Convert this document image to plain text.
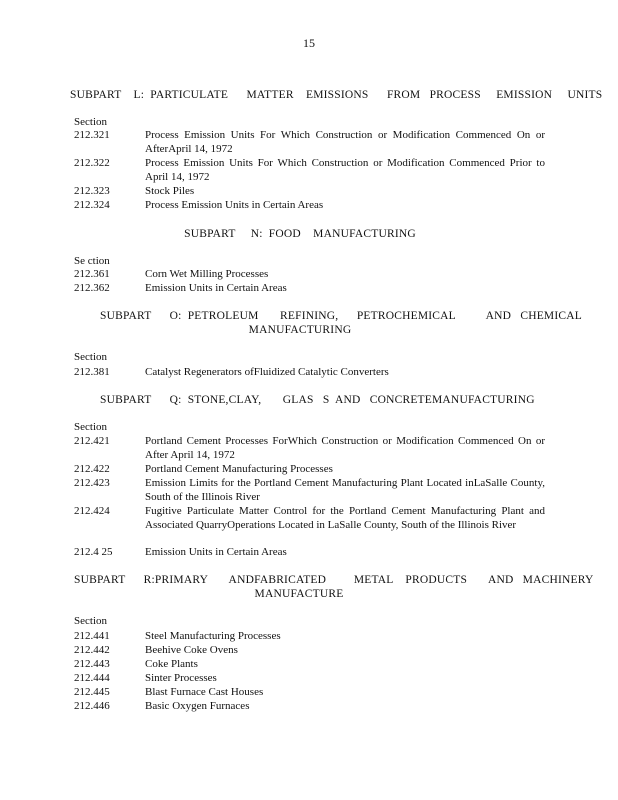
15
SUBPART    L:  PARTICULATE      MATTER    EMISSIONS      FROM   PROCESS     EMISSION     UNITS
Section
212.321	Process Emission Units For Which Construction or Modification Commenced On or AfterApril 14, 1972
212.322	Process Emission Units For Which Construction or Modification Commenced Prior to April 14, 1972
212.323	Stock Piles
212.324	Process Emission Units in Certain Areas
SUBPART     N:  FOOD    MANUFACTURING
Se ction
212.361	Corn Wet Milling Processes
212.362	Emission Units in Certain Areas
SUBPART      O:  PETROLEUM       REFINING,      PETROCHEMICAL          AND   CHEMICAL
MANUFACTURING
Section
212.381	Catalyst Regenerators ofFluidized Catalytic Converters
SUBPART      Q:  STONE,CLAY,       GLAS   S  AND   CONCRETEMANUFACTURING
Section
212.421	Portland Cement Processes ForWhich Construction or Modification Commenced On or After April 14, 1972
212.422	Portland Cement Manufacturing Processes
212.423	Emission Limits for the Portland Cement Manufacturing Plant Located inLaSalle County, South of the Illinois River
212.424	Fugitive Particulate Matter Control for the Portland Cement Manufacturing Plant and Associated QuarryOperations Located in LaSalle County, South of the Illinois River
212.4 25	Emission Units in Certain Areas
SUBPART      R:PRIMARY       ANDFABRICATED         METAL    PRODUCTS       AND   MACHINERY
MANUFACTURE
Section
212.441	Steel Manufacturing Processes
212.442	Beehive Coke Ovens
212.443	Coke Plants
212.444	Sinter Processes
212.445	Blast Furnace Cast Houses
212.446	Basic Oxygen Furnaces
